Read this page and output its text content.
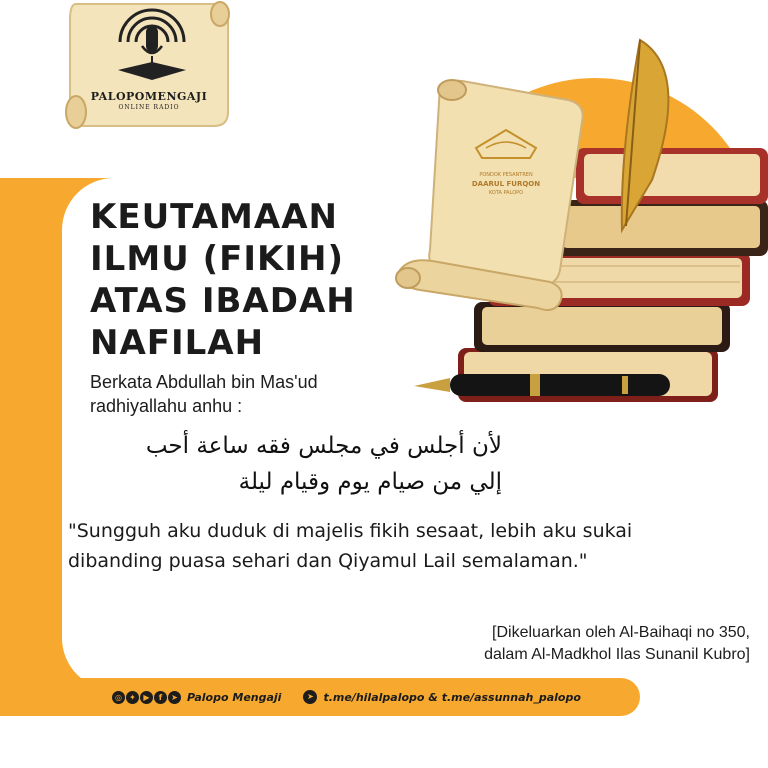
PALOPOMENGAJI
ONLINE RADIO
PONDOK PESANTREN
DAARUL FURQON
KOTA PALOPO
KEUTAMAAN
ILMU (FIKIH)
ATAS IBADAH
NAFILAH
Berkata Abdullah bin Mas'ud
radhiyallahu anhu :
لأن أجلس في مجلس فقه ساعة أحب
إلي من صيام يوم وقيام ليلة
"Sungguh aku duduk di majelis fikih sesaat, lebih aku sukai
dibanding puasa sehari dan Qiyamul Lail semalaman."
[Dikeluarkan oleh Al-Baihaqi no 350,
dalam Al-Madkhol Ilas Sunanil Kubro]
◎ ✦ ▶	f	➤ Palopo Mengaji	➤ t.me/hilalpalopo & t.me/assunnah_palopo
